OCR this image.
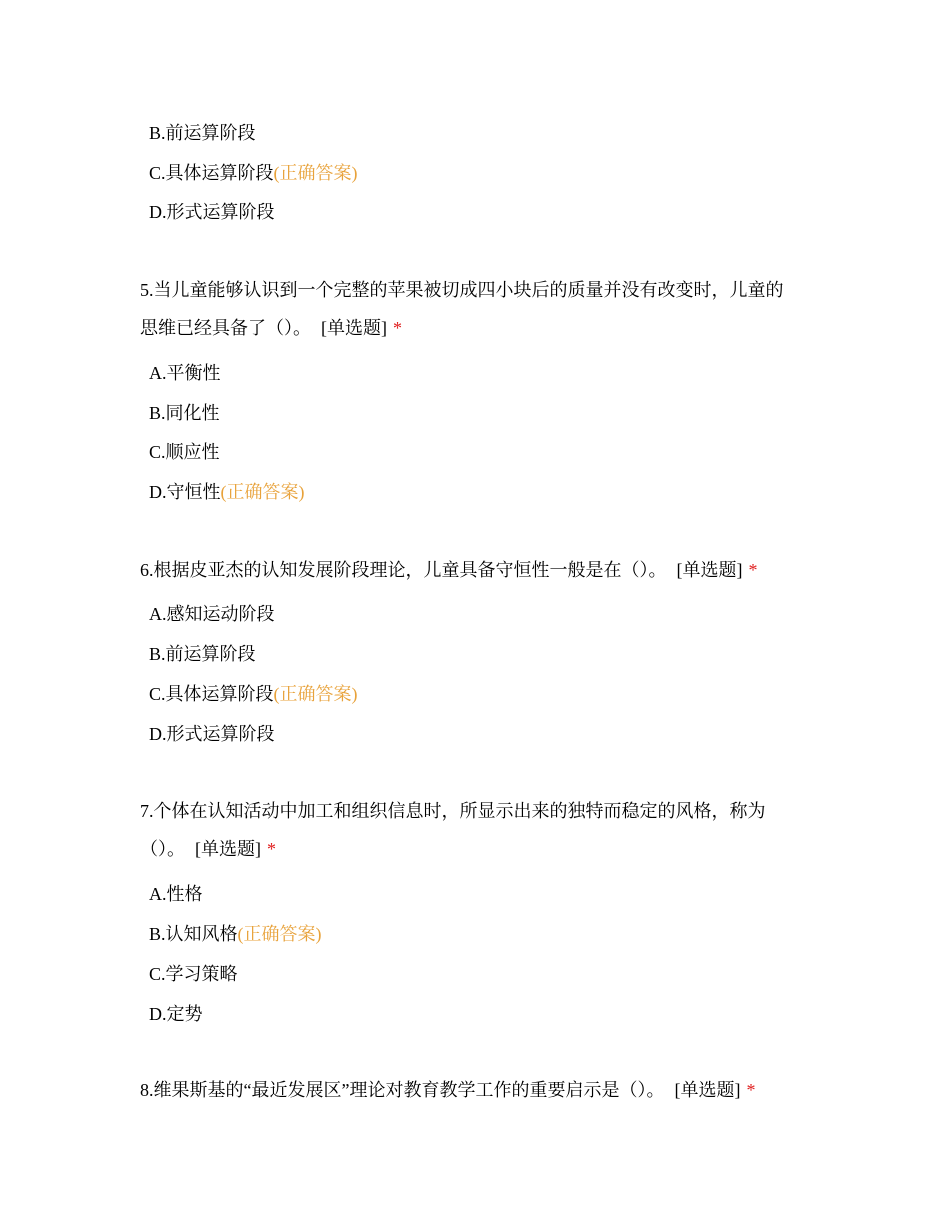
B.前运算阶段
C.具体运算阶段(正确答案)
D.形式运算阶段
5.当儿童能够认识到一个完整的苹果被切成四小块后的质量并没有改变时，儿童的
思维已经具备了（）。 [单选题] *
A.平衡性
B.同化性
C.顺应性
D.守恒性(正确答案)
6.根据皮亚杰的认知发展阶段理论，儿童具备守恒性一般是在（）。 [单选题] *
A.感知运动阶段
B.前运算阶段
C.具体运算阶段(正确答案)
D.形式运算阶段
7.个体在认知活动中加工和组织信息时，所显示出来的独特而稳定的风格，称为
（）。 [单选题] *
A.性格
B.认知风格(正确答案)
C.学习策略
D.定势
8.维果斯基的“最近发展区”理论对教育教学工作的重要启示是（）。 [单选题] *
